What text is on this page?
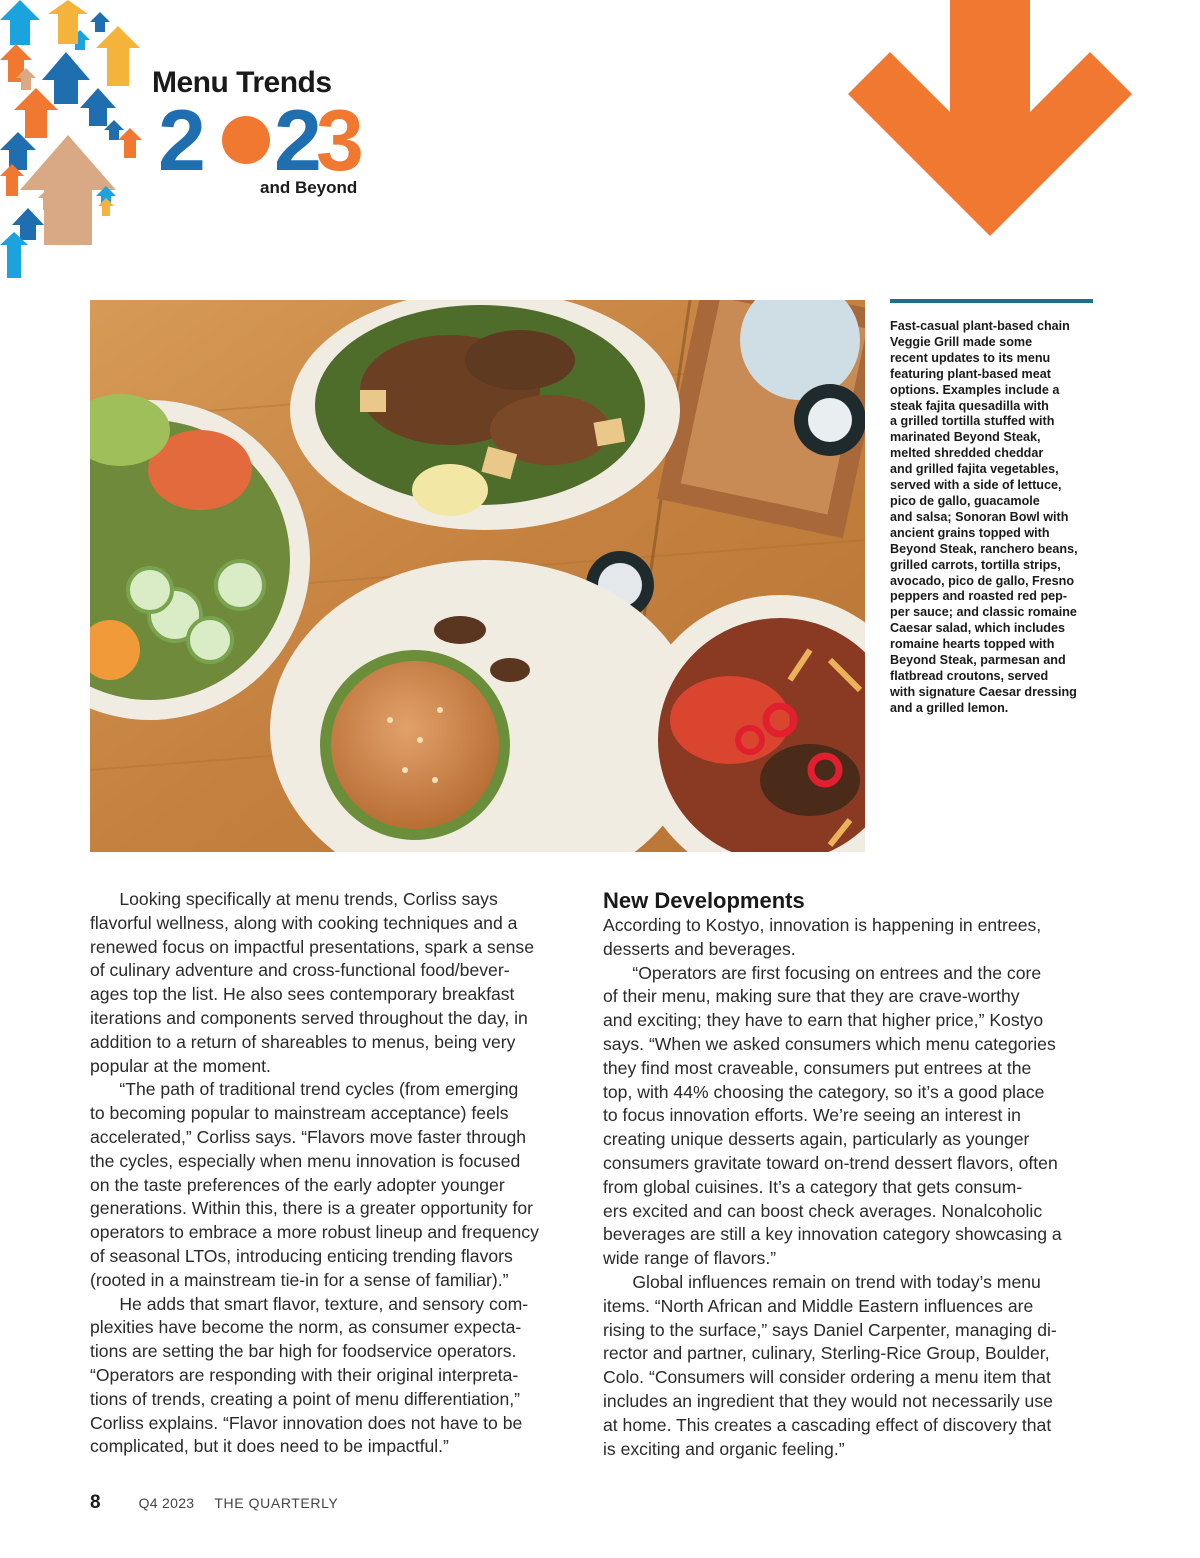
Menu Trends
2	0 2
3
and Beyond
Fast-casual plant-based chain
Veggie Grill made some
recent updates to its menu
featuring plant-based meat
options. Examples include a
steak fajita quesadilla with
a grilled tortilla stuffed with
marinated Beyond Steak,
melted shredded cheddar
and grilled fajita vegetables,
served with a side of lettuce,
pico de gallo, guacamole
and salsa; Sonoran Bowl with
ancient grains topped with
Beyond Steak, ranchero beans,
grilled carrots, tortilla strips,
avocado, pico de gallo, Fresno
peppers and roasted red pep-
per sauce; and classic romaine
Caesar salad, which includes
romaine hearts topped with
Beyond Steak, parmesan and
flatbread croutons, served
with signature Caesar dressing
and a grilled lemon.

Looking specifically at menu trends, Corliss says
flavorful wellness, along with cooking techniques and a
renewed focus on impactful presentations, spark a sense
of culinary adventure and cross-functional food/bever-
ages top the list. He also sees contemporary breakfast
iterations and components served throughout the day, in
addition to a return of shareables to menus, being very
popular at the moment.

“The path of traditional trend cycles (from emerging
to becoming popular to mainstream acceptance) feels
accelerated,” Corliss says. “Flavors move faster through
the cycles, especially when menu innovation is focused
on the taste preferences of the early adopter younger
generations. Within this, there is a greater opportunity for
operators to embrace a more robust lineup and frequency
of seasonal LTOs, introducing enticing trending flavors
(rooted in a mainstream tie-in for a sense of familiar).”

He adds that smart flavor, texture, and sensory com-
plexities have become the norm, as consumer expecta-
tions are setting the bar high for foodservice operators.
“Operators are responding with their original interpreta-
tions of trends, creating a point of menu differentiation,”
Corliss explains. “Flavor innovation does not have to be
complicated, but it does need to be impactful.”

New Developments

According to Kostyo, innovation is happening in entrees,
desserts and beverages.

“Operators are first focusing on entrees and the core
of their menu, making sure that they are crave-worthy
and exciting; they have to earn that higher price,” Kostyo
says. “When we asked consumers which menu categories
they find most craveable, consumers put entrees at the
top, with 44% choosing the category, so it’s a good place
to focus innovation efforts. We’re seeing an interest in
creating unique desserts again, particularly as younger
consumers gravitate toward on-trend dessert flavors, often
from global cuisines. It’s a category that gets consum-
ers excited and can boost check averages. Nonalcoholic
beverages are still a key innovation category showcasing a
wide range of flavors.”

Global influences remain on trend with today’s menu
items. “North African and Middle Eastern influences are
rising to the surface,” says Daniel Carpenter, managing di-
rector and partner, culinary, Sterling-Rice Group, Boulder,
Colo. “Consumers will consider ordering a menu item that
includes an ingredient that they would not necessarily use
at home. This creates a cascading effect of discovery that
is exciting and organic feeling.”

8	Q4 2023 THE QUARTERLY
